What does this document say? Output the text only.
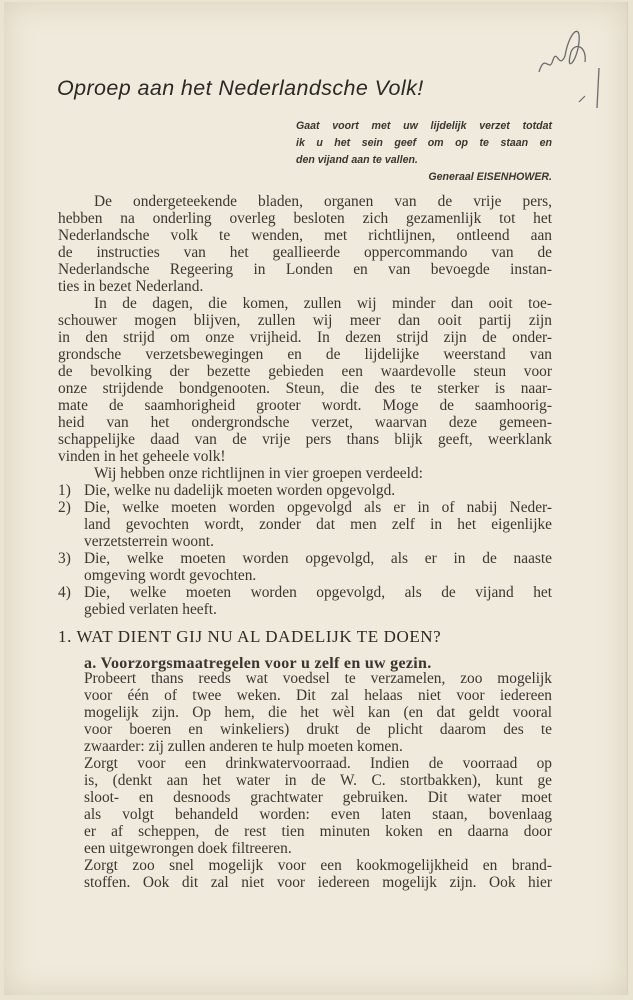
Oproep aan het Nederlandsche Volk!
Gaat voort met uw lijdelijk verzet totdat
ik u het sein geef om op te staan en
den vijand aan te vallen.
Generaal EISENHOWER.
De ondergeteekende bladen, organen van de vrije pers,
hebben na onderling overleg besloten zich gezamenlijk tot het
Nederlandsche volk te wenden, met richtlijnen, ontleend aan
de instructies van het geallieerde oppercommando van de
Nederlandsche Regeering in Londen en van bevoegde instan-
ties in bezet Nederland.
In de dagen, die komen, zullen wij minder dan ooit toe-
schouwer mogen blijven, zullen wij meer dan ooit partij zijn
in den strijd om onze vrijheid. In dezen strijd zijn de onder-
grondsche verzetsbewegingen en de lijdelijke weerstand van
de bevolking der bezette gebieden een waardevolle steun voor
onze strijdende bondgenooten. Steun, die des te sterker is naar-
mate de saamhorigheid grooter wordt. Moge de saamhoorig-
heid van het ondergrondsche verzet, waarvan deze gemeen-
schappelijke daad van de vrije pers thans blijk geeft, weerklank
vinden in het geheele volk!
Wij hebben onze richtlijnen in vier groepen verdeeld:
1) Die, welke nu dadelijk moeten worden opgevolgd.
2) Die, welke moeten worden opgevolgd als er in of nabij Neder-
land gevochten wordt, zonder dat men zelf in het eigenlijke
verzetsterrein woont.
3) Die, welke moeten worden opgevolgd, als er in de naaste
omgeving wordt gevochten.
4) Die, welke moeten worden opgevolgd, als de vijand het
gebied verlaten heeft.
1. WAT DIENT GIJ NU AL DADELIJK TE DOEN?
a. Voorzorgsmaatregelen voor u zelf en uw gezin.
Probeert thans reeds wat voedsel te verzamelen, zoo mogelijk
voor één of twee weken. Dit zal helaas niet voor iedereen
mogelijk zijn. Op hem, die het wèl kan (en dat geldt vooral
voor boeren en winkeliers) drukt de plicht daarom des te
zwaarder: zij zullen anderen te hulp moeten komen.
Zorgt voor een drinkwatervoorraad. Indien de voorraad op
is, (denkt aan het water in de W. C. stortbakken), kunt ge
sloot- en desnoods grachtwater gebruiken. Dit water moet
als volgt behandeld worden: even laten staan, bovenlaag
er af scheppen, de rest tien minuten koken en daarna door
een uitgewrongen doek filtreeren.
Zorgt zoo snel mogelijk voor een kookmogelijkheid en brand-
stoffen. Ook dit zal niet voor iedereen mogelijk zijn. Ook hier
